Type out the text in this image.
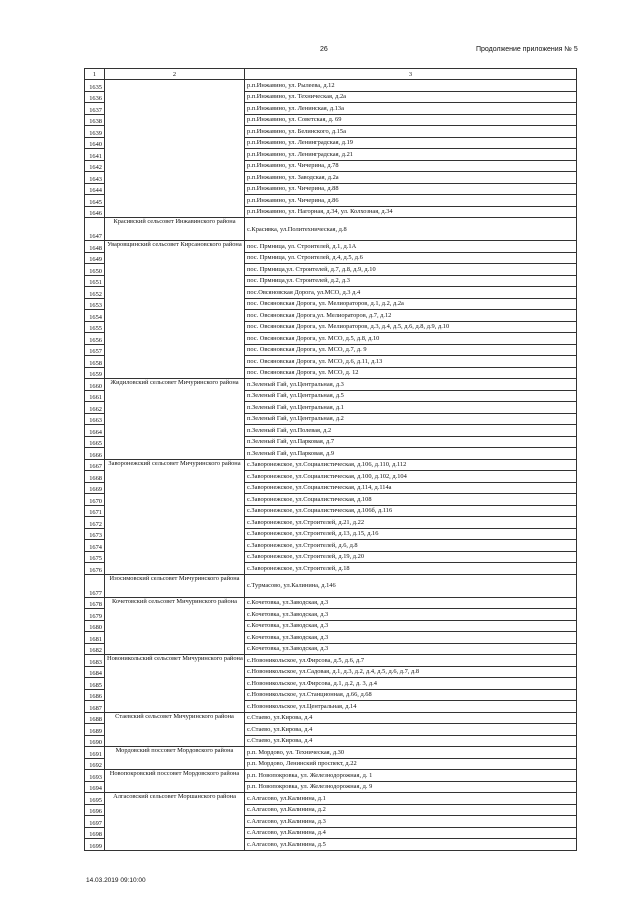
26	Продолжение приложения № 5
1	2	3
1635		р.п.Инжавино, ул. Рылеева, д.12
1636		р.п.Инжавино, ул. Техническая, д.2а
1637		р.п.Инжавино, ул. Ленинская, д.13а
1638		р.п.Инжавино, ул. Советская, д. 69
1639		р.п.Инжавино, ул. Белинского, д.15а
1640		р.п.Инжавино, ул. Ленинградская, д.19
1641		р.п.Инжавино, ул. Ленинградская, д.21
1642		р.п.Инжавино, ул. Чичерина, д.78
1643		р.п.Инжавино, ул. Заводская, д.2а
1644		р.п.Инжавино, ул. Чичерина, д.88
1645		р.п.Инжавино, ул. Чичерина, д.86
1646		р.п.Инжавино, ул. Нагорная, д.34, ул. Колхозная, д.34
1647	Красивский сельсовет Инжавинского района	с.Красивка, ул.Политехническая, д.8
1648	Уваровщинский сельсовет Кирсановского района	пос. Прмница, ул. Строителей, д.1, д.1А
1649		пос. Прмница, ул. Строителей, д.4, д.5, д.6
1650		пос. Прмница,ул. Строителей, д.7, д.8, д.9, д.10
1651		пос. Прмница,ул. Строителей, д.2, д.3
1652		пос.Овсяновская Дорога, ул.МСО, д.3 д.4
1653		пос. Овсяновская Дорога, ул. Мелиораторов, д.1, д.2, д.2а
1654		пос. Овсяновская Дорога,ул. Мелиораторов, д.7, д.12
1655		пос. Овсяновская Дорога, ул. Мелиораторов, д.3, д.4, д.5, д.6, д.8, д.9, д.10
1656		пос. Овсяновская Дорога, ул. МСО, д.5, д.8, д.10
1657		пос. Овсяновская Дорога, ул. МСО, д.7, д. 9
1658		пос. Овсяновская Дорога, ул. МСО, д.6, д.11, д.13
1659		пос. Овсяновская Дорога, ул. МСО, д. 12
1660	Жидиловский сельсовет Мичуринского района	п.Зеленый Гай, ул.Центральная, д.3
1661		п.Зеленый Гай, ул.Центральная, д.5
1662		п.Зеленый Гай, ул.Центральная, д.1
1663		п.Зеленый Гай, ул.Центральная, д.2
1664		п.Зеленый Гай, ул.Полевая, д.2
1665		п.Зеленый Гай, ул.Парковая, д.7
1666		п.Зеленый Гай, ул.Парковая, д.9
1667	Заворонежский сельсовет Мичуринского района	с.Заворонежское, ул.Социалистическая, д.106, д.110, д.112
1668		с.Заворонежское, ул.Социалистическая, д.100, д.102, д.104
1669		с.Заворонежское, ул.Социалистическая, д.114, д.114а
1670		с.Заворонежское, ул.Социалистическая, д.108
1671		с.Заворонежское, ул.Социалистическая, д.106б, д.116
1672		с.Заворонежское, ул.Строителей, д.21, д.22
1673		с.Заворонежское, ул.Строителей, д.13, д.15, д.16
1674		с.Заворонежское, ул.Строителей, д.6, д.8
1675		с.Заворонежское, ул.Строителей, д.19, д.20
1676		с.Заворонежское, ул.Строителей, д.18
1677	Изосимовский сельсовет Мичуринского района	с.Турмасово, ул.Калинина, д.146
1678	Кочетовский сельсовет Мичуринского района	с.Кочетовка, ул.Заводская, д.3
1679		с.Кочетовка, ул.Заводская, д.3
1680		с.Кочетовка, ул.Заводская, д.3
1681		с.Кочетовка, ул.Заводская, д.3
1682		с.Кочетовка, ул.Заводская, д.3
1683	Новоникольский сельсовет Мичуринского района	с.Новоникольское, ул.Фирсова, д.5, д.6, д.7
1684		с.Новоникольское, ул.Садовая, д.1, д.3, д.2, д.4, д.5, д.6, д.7, д.8
1685		с.Новоникольское, ул.Фирсова, д.1, д.2, д. 3, д.4
1686		с.Новоникольское, ул.Станционная, д.66, д.68
1687		с.Новоникольское, ул.Центральная, д.14
1688	Стаевский сельсовет Мичуринского района	с.Стаево, ул.Кирова, д.4
1689		с.Стаево, ул.Кирова, д.4
1690		с.Стаево, ул.Кирова, д.4
1691	Мордовский поссовет Мордовского района	р.п. Мордово, ул. Техническая, д.30
1692		р.п. Мордово, Ленинский проспект, д.22
1693	Новопокровский поссовет Мордовского района	р.п. Новопокровка, ул. Железнодорожная, д. 1
1694		р.п. Новопокровка, ул. Железнодорожная, д. 9
1695	Алгасовский сельсовет Моршанского района	с.Алгасово, ул.Калинина, д.1
1696		с.Алгасово, ул.Калинина, д.2
1697		с.Алгасово, ул.Калинина, д.3
1698		с.Алгасово, ул.Калинина, д.4
1699		с.Алгасово, ул.Калинина, д.5
14.03.2019 09:10:00
